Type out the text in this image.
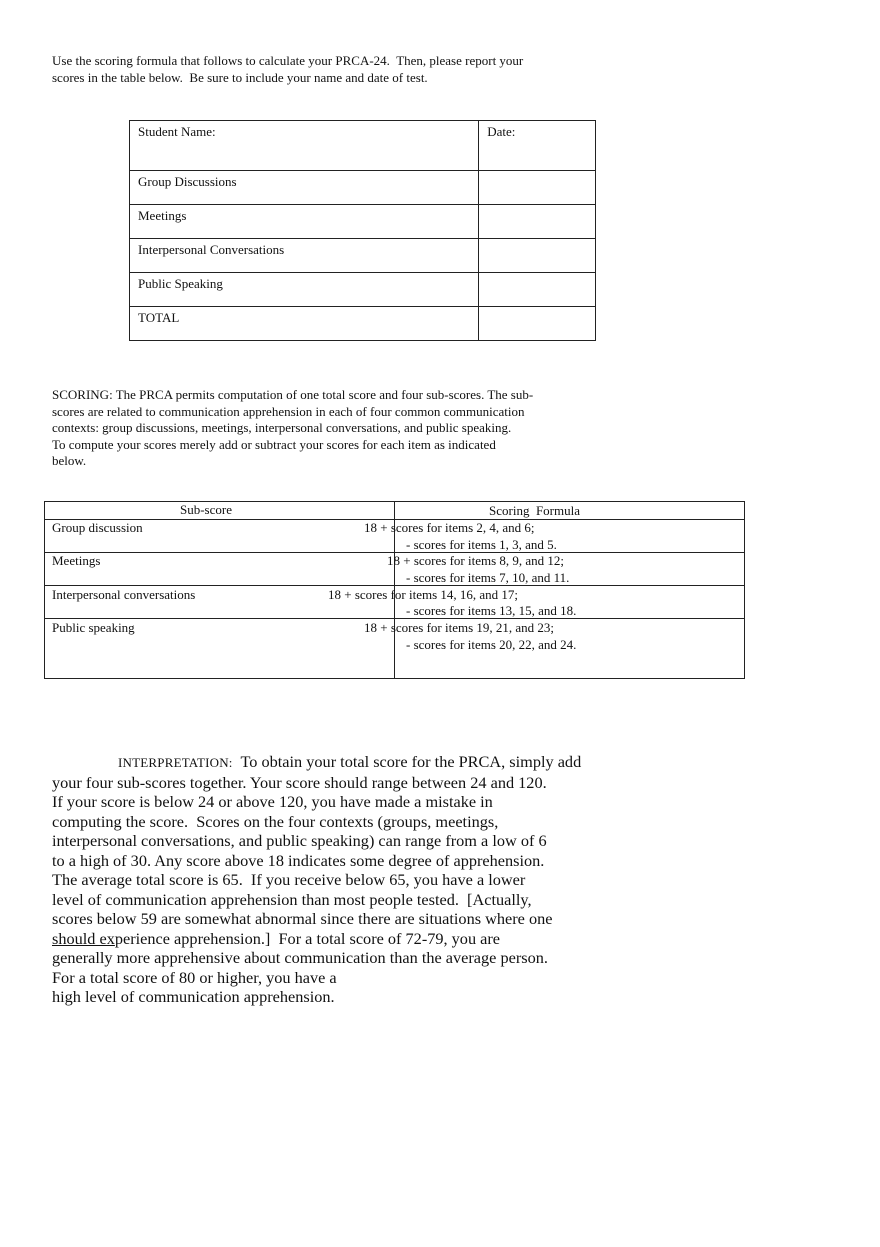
Use the scoring formula that follows to calculate your PRCA-24.  Then, please report your
scores in the table below.  Be sure to include your name and date of test.

Student Name:	Date:
Group Discussions	
Meetings	
Interpersonal Conversations	
Public Speaking	
TOTAL	

SCORING: The PRCA permits computation of one total score and four sub-scores. The sub-
scores are related to communication apprehension in each of four common communication
contexts: group discussions, meetings, interpersonal conversations, and public speaking.
To compute your scores merely add or subtract your scores for each item as indicated
below.

Sub-score	Scoring  Formula
Group discussion	18 + scores for items 2, 4, and 6;
- scores for items 1, 3, and 5.
Meetings	18 + scores for items 8, 9, and 12;
- scores for items 7, 10, and 11.
Interpersonal conversations	18 + scores for items 14, 16, and 17;
- scores for items 13, 15, and 18.
Public speaking	18 + scores for items 19, 21, and 23;
- scores for items 20, 22, and 24.

INTERPRETATION: To obtain your total score for the PRCA, simply add
your four sub-scores together. Your score should range between 24 and 120.
If your score is below 24 or above 120, you have made a mistake in
computing the score.  Scores on the four contexts (groups, meetings,
interpersonal conversations, and public speaking) can range from a low of 6
to a high of 30. Any score above 18 indicates some degree of apprehension.
The average total score is 65.  If you receive below 65, you have a lower
level of communication apprehension than most people tested.  [Actually,
scores below 59 are somewhat abnormal since there are situations where one
should experience apprehension.]  For a total score of 72-79, you are
generally more apprehensive about communication than the average person.
For a total score of 80 or higher, you have a
high level of communication apprehension.
